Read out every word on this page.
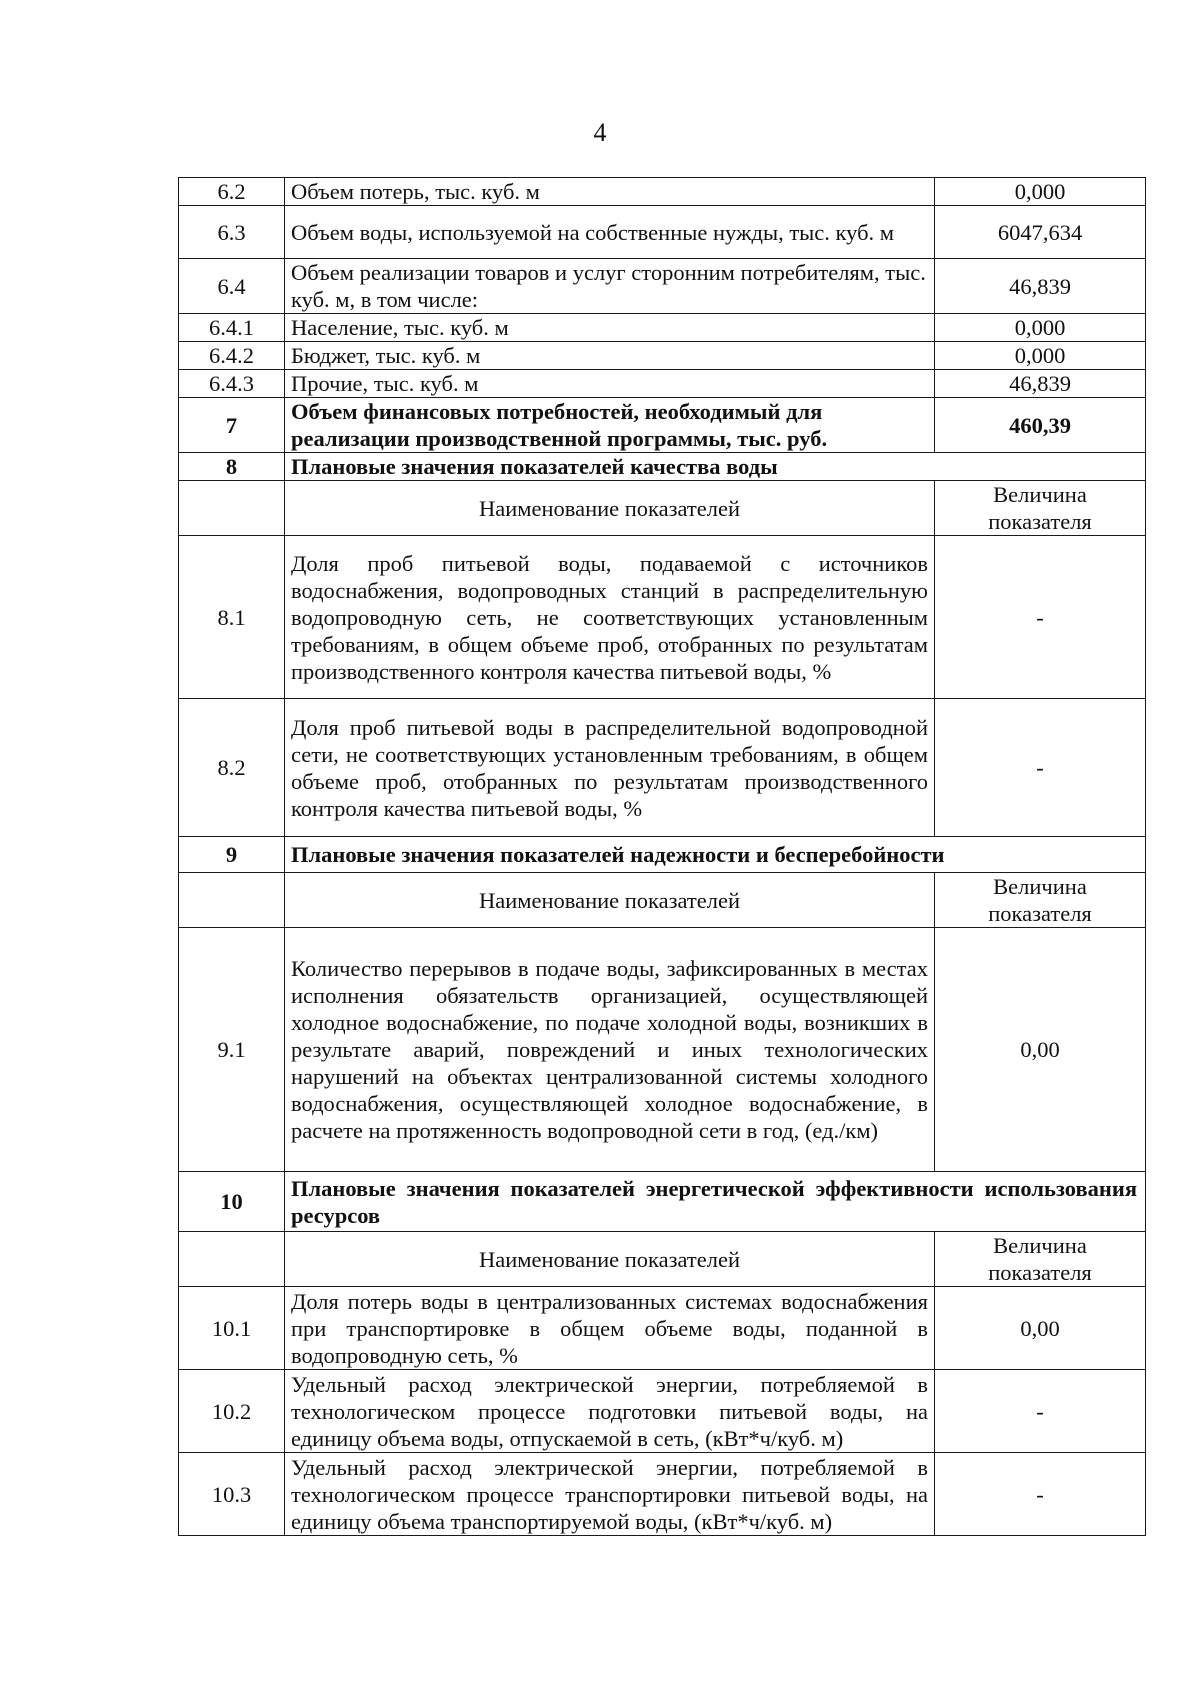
4
6.2	Объем потерь, тыс. куб. м	0,000
6.3	Объем воды, используемой на собственные нужды, тыс. куб. м	6047,634
6.4	Объем реализации товаров и услуг сторонним потребителям, тыс. куб. м, в том числе:	46,839
6.4.1	Население, тыс. куб. м	0,000
6.4.2	Бюджет, тыс. куб. м	0,000
6.4.3	Прочие, тыс. куб. м	46,839
7	Объем финансовых потребностей, необходимый для реализации производственной программы, тыс. руб.	460,39
8	Плановые значения показателей качества воды	
	Наименование показателей	Величина показателя
8.1	Доля проб питьевой воды, подаваемой с источников водоснабжения, водопроводных станций в распределительную водопроводную сеть, не соответствующих установленным требованиям, в общем объеме проб, отобранных по результатам производственного контроля качества питьевой воды, %	-
8.2	Доля проб питьевой воды в распределительной водопроводной сети, не соответствующих установленным требованиям, в общем объеме проб, отобранных по результатам производственного контроля качества питьевой воды, %	-
9	Плановые значения показателей надежности и бесперебойности	
	Наименование показателей	Величина показателя
9.1	Количество перерывов в подаче воды, зафиксированных в местах исполнения обязательств организацией, осуществляющей холодное водоснабжение, по подаче холодной воды, возникших в результате аварий, повреждений и иных технологических нарушений на объектах централизованной системы холодного водоснабжения, осуществляющей холодное водоснабжение, в расчете на протяженность водопроводной сети в год, (ед./км)	0,00
10	Плановые значения показателей энергетической эффективности использования ресурсов	
	Наименование показателей	Величина показателя
10.1	Доля потерь воды в централизованных системах водоснабжения при транспортировке в общем объеме воды, поданной в водопроводную сеть, %	0,00
10.2	Удельный расход электрической энергии, потребляемой в технологическом процессе подготовки питьевой воды, на единицу объема воды, отпускаемой в сеть, (кВт*ч/куб. м)	-
10.3	Удельный расход электрической энергии, потребляемой в технологическом процессе транспортировки питьевой воды, на единицу объема транспортируемой воды, (кВт*ч/куб. м)	-
